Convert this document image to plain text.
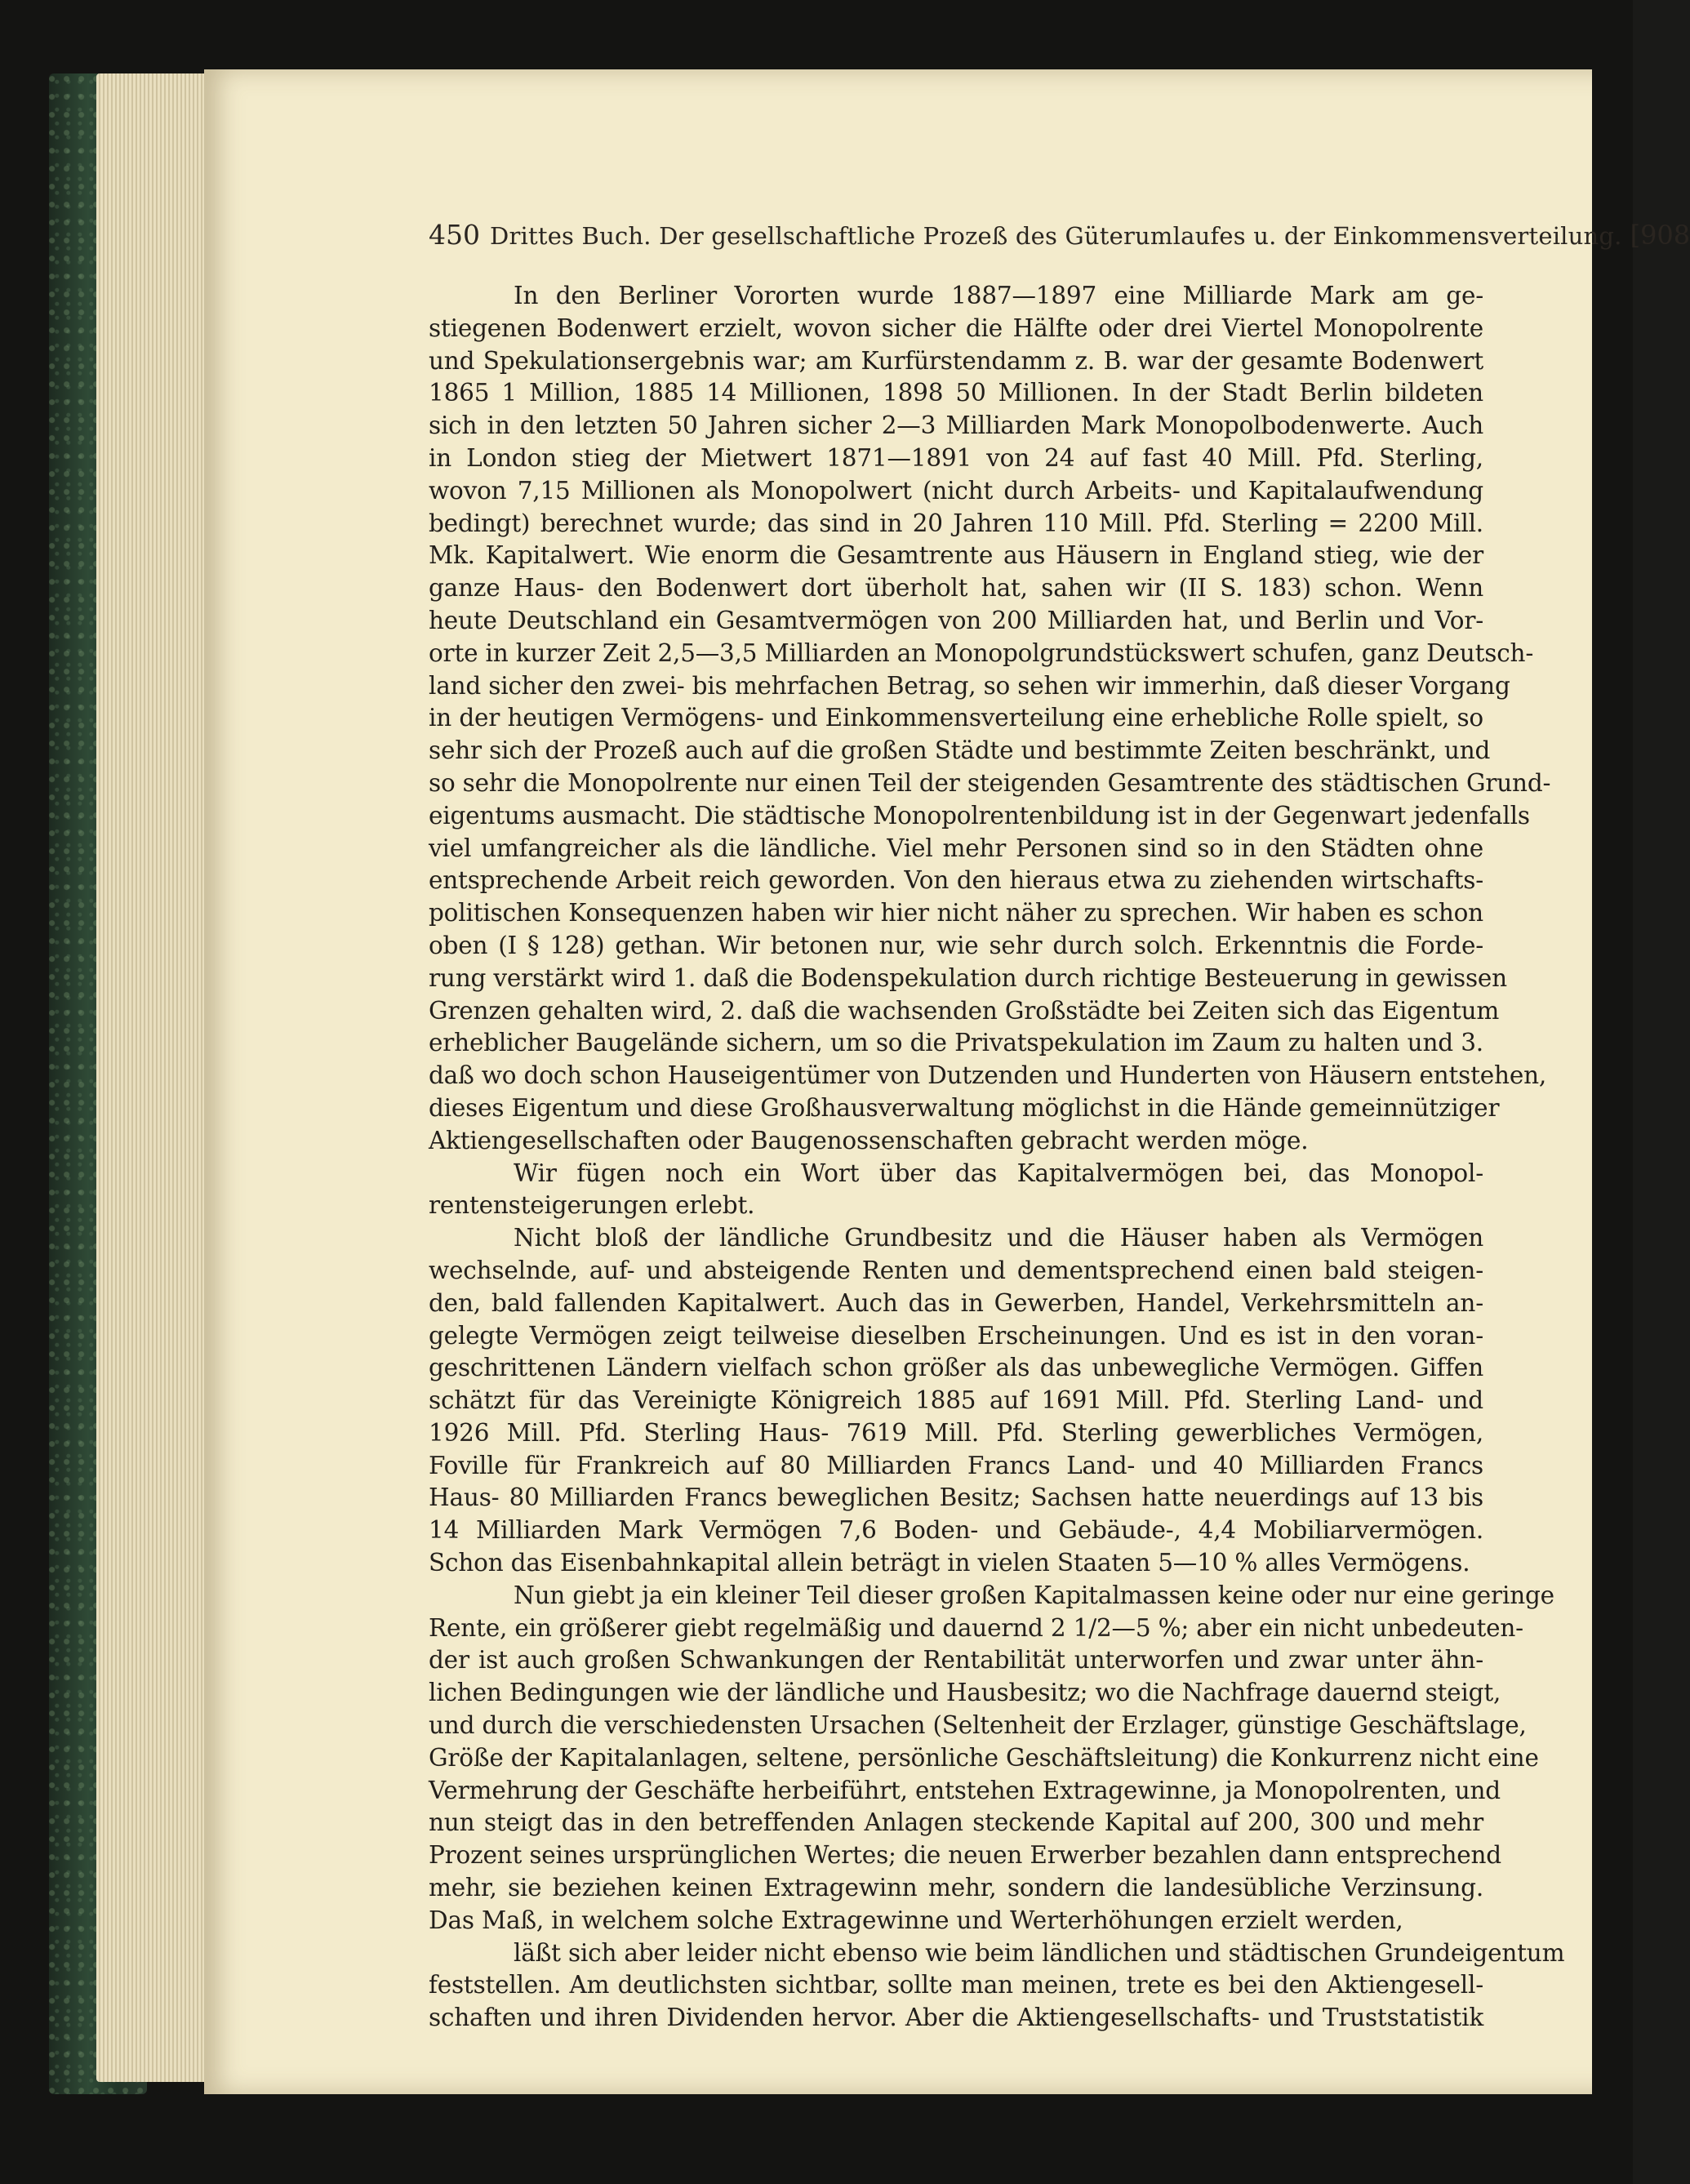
450 Drittes Buch. Der gesellschaftliche Prozeß des Güterumlaufes u. der Einkommensverteilung. [908
In den Berliner Vororten wurde 1887—1897 eine Milliarde Mark am ge-
stiegenen Bodenwert erzielt, wovon sicher die Hälfte oder drei Viertel Monopolrente
und Spekulationsergebnis war; am Kurfürstendamm z. B. war der gesamte Bodenwert
1865 1 Million, 1885 14 Millionen, 1898 50 Millionen. In der Stadt Berlin bildeten
sich in den letzten 50 Jahren sicher 2—3 Milliarden Mark Monopolbodenwerte. Auch
in London stieg der Mietwert 1871—1891 von 24 auf fast 40 Mill. Pfd. Sterling,
wovon 7,15 Millionen als Monopolwert (nicht durch Arbeits- und Kapitalaufwendung
bedingt) berechnet wurde; das sind in 20 Jahren 110 Mill. Pfd. Sterling = 2200 Mill.
Mk. Kapitalwert. Wie enorm die Gesamtrente aus Häusern in England stieg, wie der
ganze Haus- den Bodenwert dort überholt hat, sahen wir (II S. 183) schon. Wenn
heute Deutschland ein Gesamtvermögen von 200 Milliarden hat, und Berlin und Vor-
orte in kurzer Zeit 2,5—3,5 Milliarden an Monopolgrundstückswert schufen, ganz Deutsch-
land sicher den zwei- bis mehrfachen Betrag, so sehen wir immerhin, daß dieser Vorgang
in der heutigen Vermögens- und Einkommensverteilung eine erhebliche Rolle spielt, so
sehr sich der Prozeß auch auf die großen Städte und bestimmte Zeiten beschränkt, und
so sehr die Monopolrente nur einen Teil der steigenden Gesamtrente des städtischen Grund-
eigentums ausmacht. Die städtische Monopolrentenbildung ist in der Gegenwart jedenfalls
viel umfangreicher als die ländliche. Viel mehr Personen sind so in den Städten ohne
entsprechende Arbeit reich geworden. Von den hieraus etwa zu ziehenden wirtschafts-
politischen Konsequenzen haben wir hier nicht näher zu sprechen. Wir haben es schon
oben (I § 128) gethan. Wir betonen nur, wie sehr durch solch. Erkenntnis die Forde-
rung verstärkt wird 1. daß die Bodenspekulation durch richtige Besteuerung in gewissen
Grenzen gehalten wird, 2. daß die wachsenden Großstädte bei Zeiten sich das Eigentum
erheblicher Baugelände sichern, um so die Privatspekulation im Zaum zu halten und 3.
daß wo doch schon Hauseigentümer von Dutzenden und Hunderten von Häusern entstehen,
dieses Eigentum und diese Großhausverwaltung möglichst in die Hände gemeinnütziger
Aktiengesellschaften oder Baugenossenschaften gebracht werden möge.
Wir fügen noch ein Wort über das Kapitalvermögen bei, das Monopol-
rentensteigerungen erlebt.
Nicht bloß der ländliche Grundbesitz und die Häuser haben als Vermögen
wechselnde, auf- und absteigende Renten und dementsprechend einen bald steigen-
den, bald fallenden Kapitalwert. Auch das in Gewerben, Handel, Verkehrsmitteln an-
gelegte Vermögen zeigt teilweise dieselben Erscheinungen. Und es ist in den voran-
geschrittenen Ländern vielfach schon größer als das unbewegliche Vermögen. Giffen
schätzt für das Vereinigte Königreich 1885 auf 1691 Mill. Pfd. Sterling Land- und
1926 Mill. Pfd. Sterling Haus- 7619 Mill. Pfd. Sterling gewerbliches Vermögen,
Foville für Frankreich auf 80 Milliarden Francs Land- und 40 Milliarden Francs
Haus- 80 Milliarden Francs beweglichen Besitz; Sachsen hatte neuerdings auf 13 bis
14 Milliarden Mark Vermögen 7,6 Boden- und Gebäude-, 4,4 Mobiliarvermögen.
Schon das Eisenbahnkapital allein beträgt in vielen Staaten 5—10 % alles Vermögens.
Nun giebt ja ein kleiner Teil dieser großen Kapitalmassen keine oder nur eine geringe
Rente, ein größerer giebt regelmäßig und dauernd 2 1/2—5 %; aber ein nicht unbedeuten-
der ist auch großen Schwankungen der Rentabilität unterworfen und zwar unter ähn-
lichen Bedingungen wie der ländliche und Hausbesitz; wo die Nachfrage dauernd steigt,
und durch die verschiedensten Ursachen (Seltenheit der Erzlager, günstige Geschäftslage,
Größe der Kapitalanlagen, seltene, persönliche Geschäftsleitung) die Konkurrenz nicht eine
Vermehrung der Geschäfte herbeiführt, entstehen Extragewinne, ja Monopolrenten, und
nun steigt das in den betreffenden Anlagen steckende Kapital auf 200, 300 und mehr
Prozent seines ursprünglichen Wertes; die neuen Erwerber bezahlen dann entsprechend
mehr, sie beziehen keinen Extragewinn mehr, sondern die landesübliche Verzinsung.
Das Maß, in welchem solche Extragewinne und Werterhöhungen erzielt werden,
läßt sich aber leider nicht ebenso wie beim ländlichen und städtischen Grundeigentum
feststellen. Am deutlichsten sichtbar, sollte man meinen, trete es bei den Aktiengesell-
schaften und ihren Dividenden hervor. Aber die Aktiengesellschafts- und Truststatistik
